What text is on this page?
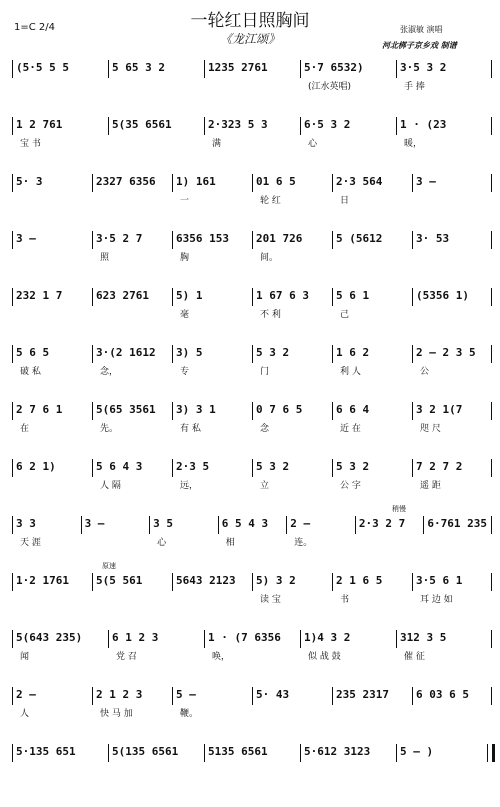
1=C 2/4	一轮红日照胸间
《龙江颂》
张淑敏 演唱
河北梆子京乡戏 制谱
(5·5 5 5	5 65 3 2	1235 2761	5·7 6532)	3·5 3 2
(江水英唱)	手 捧
1 2 761	5(35 6561	2·323 5 3	6·5 3 2	1 · (23
宝 书	满	心	暖，
5· 3	2327 6356	1) 161	01 6 5	2·3 564	3 —
一	轮 红	日
3 —	3·5 2 7	6356 153	201 726	5 (5612	3· 53
照	胸	间。
232 1 7	623 2761	5) 1	1 67 6 3	5 6 1	(5356 1)
毫	不 利	己
5 6 5	3·(2 1612	3) 5	5 3 2	1 6 2	2 — 2 3 5
破 私	念，	专	门	利 人	公
2 7 6 1	5(65 3561	3) 3 1	0 7 6 5	6 6 4	3 2 1(7
在	先。	有 私	念	近 在	咫 尺
6 2 1)	5 6 4 3	2·3 5	5 3 2	5 3 2	7 2 7 2
人 隔	远，	立	公 字	遥 距
稍慢
3 3	3 —	3 5	6 5 4 3	2 —	2·3 2 7	6·761 235
天 涯	心	相	连。
原速
1·2 1761	5(5 561	5643 2123	5) 3 2	2 1 6 5	3·5 6 1
读 宝	书	耳 边 如
5(643 235)	6 1 2 3	1 · (7 6356	1)4 3 2	312 3 5
闻	党 召	唤，	似 战 鼓	催 征
2 —	2 1 2 3	5 —	5· 43	235 2317	6 03 6 5
人	快 马 加	鞭。
5·135 651	5(135 6561	5135 6561	5·612 3123	5 — )
